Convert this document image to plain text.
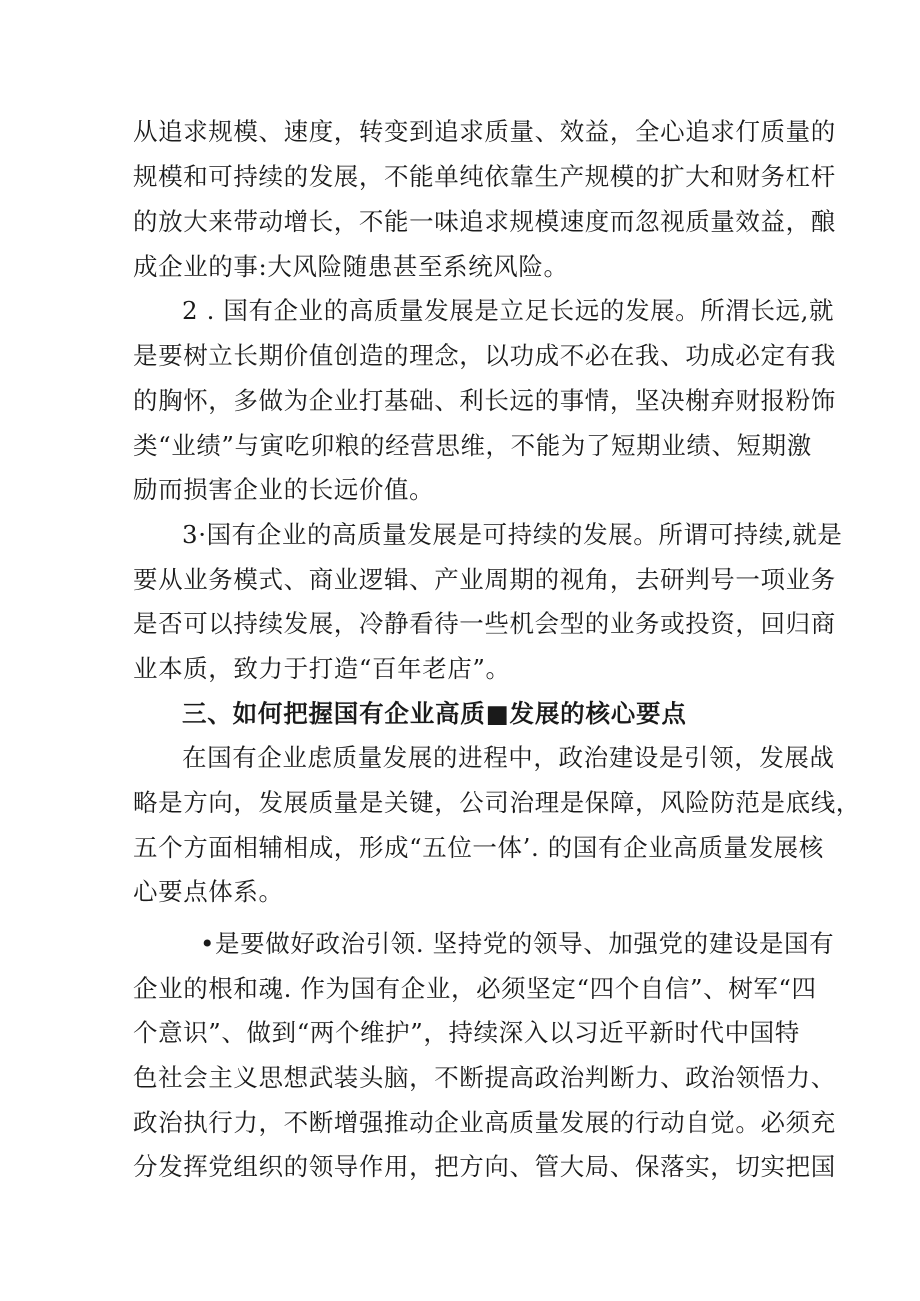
从追求规模、速度，转变到追求质量、效益，全心追求仃质量的
规模和可持续的发展，不能单纯依靠生产规模的扩大和财务杠杆
的放大来带动增长，不能一味追求规模速度而忽视质量效益，酿
成企业的事:大风险随患甚至系统风险。
2 . 国有企业的高质量发展是立足长远的发展。所渭长远,就
是要树立长期价值创造的理念，以功成不必在我、功成必定有我
的胸怀，多做为企业打基础、利长远的事情，坚决榭弃财报粉饰
类“业绩”与寅吃卯粮的经营思维，不能为了短期业绩、短期激
励而损害企业的长远价值。
3·国有企业的高质量发展是可持续的发展。所谓可持续,就是
要从业务模式、商业逻辑、产业周期的视角，去研判号一项业务
是否可以持续发展，冷静看待一些机会型的业务或投资，回归商
业本质，致力于打造“百年老店”。
三、如何把握国有企业高质■发展的核心要点
在国有企业虑质量发展的进程中，政治建设是引领，发展战
略是方向，发展质量是关键，公司治理是保障，风险防范是底线，
五个方面相辅相成，形成“五位一体’. 的国有企业高质量发展核
心要点体系。
•是要做好政治引领. 坚持党的领导、加强党的建设是国有
企业的根和魂. 作为国有企业，必须坚定“四个自信”、树军“四
个意识”、做到“两个维护”，持续深入以习近平新时代中国特
色社会主义思想武装头脑，不断提高政治判断力、政治领悟力、
政治执行力，不断增强推动企业高质量发展的行动自觉。必须充
分发挥党组织的领导作用，把方向、管大局、保落实，切实把国
